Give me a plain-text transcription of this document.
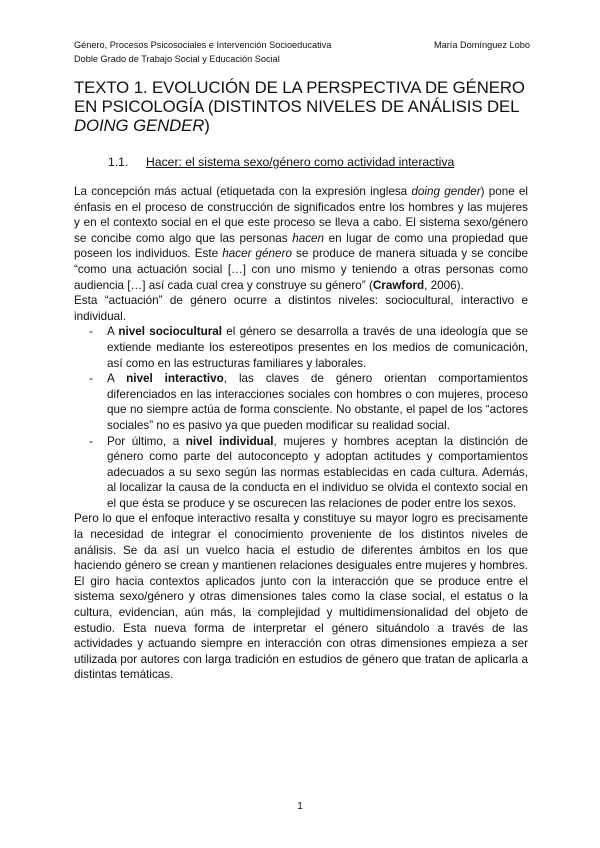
Género, Procesos Psicosociales e Intervención Socioeducativa
Doble Grado de Trabajo Social y Educación Social
María Domínguez Lobo
TEXTO 1. EVOLUCIÓN DE LA PERSPECTIVA DE GÉNERO EN PSICOLOGÍA (DISTINTOS NIVELES DE ANÁLISIS DEL DOING GENDER)
1.1. Hacer: el sistema sexo/género como actividad interactiva

La concepción más actual (etiquetada con la expresión inglesa doing gender) pone el énfasis en el proceso de construcción de significados entre los hombres y las mujeres y en el contexto social en el que este proceso se lleva a cabo. El sistema sexo/género se concibe como algo que las personas hacen en lugar de como una propiedad que poseen los individuos. Este hacer género se produce de manera situada y se concibe “como una actuación social […] con uno mismo y teniendo a otras personas como audiencia […] así cada cual crea y construye su género” (Crawford, 2006).

Esta “actuación” de género ocurre a distintos niveles: sociocultural, interactivo e individual.

- A nivel sociocultural el género se desarrolla a través de una ideología que se extiende mediante los estereotipos presentes en los medios de comunicación, así como en las estructuras familiares y laborales.
- A nivel interactivo, las claves de género orientan comportamientos diferenciados en las interacciones sociales con hombres o con mujeres, proceso que no siempre actúa de forma consciente. No obstante, el papel de los “actores sociales” no es pasivo ya que pueden modificar su realidad social.
- Por último, a nivel individual, mujeres y hombres aceptan la distinción de género como parte del autoconcepto y adoptan actitudes y comportamientos adecuados a su sexo según las normas establecidas en cada cultura. Además, al localizar la causa de la conducta en el individuo se olvida el contexto social en el que ésta se produce y se oscurecen las relaciones de poder entre los sexos.

Pero lo que el enfoque interactivo resalta y constituye su mayor logro es precisamente la necesidad de integrar el conocimiento proveniente de los distintos niveles de análisis. Se da así un vuelco hacia el estudio de diferentes ámbitos en los que haciendo género se crean y mantienen relaciones desiguales entre mujeres y hombres. El giro hacia contextos aplicados junto con la interacción que se produce entre el sistema sexo/género y otras dimensiones tales como la clase social, el estatus o la cultura, evidencian, aún más, la complejidad y multidimensionalidad del objeto de estudio. Esta nueva forma de interpretar el género situándolo a través de las actividades y actuando siempre en interacción con otras dimensiones empieza a ser utilizada por autores con larga tradición en estudios de género que tratan de aplicarla a distintas temáticas.

1
